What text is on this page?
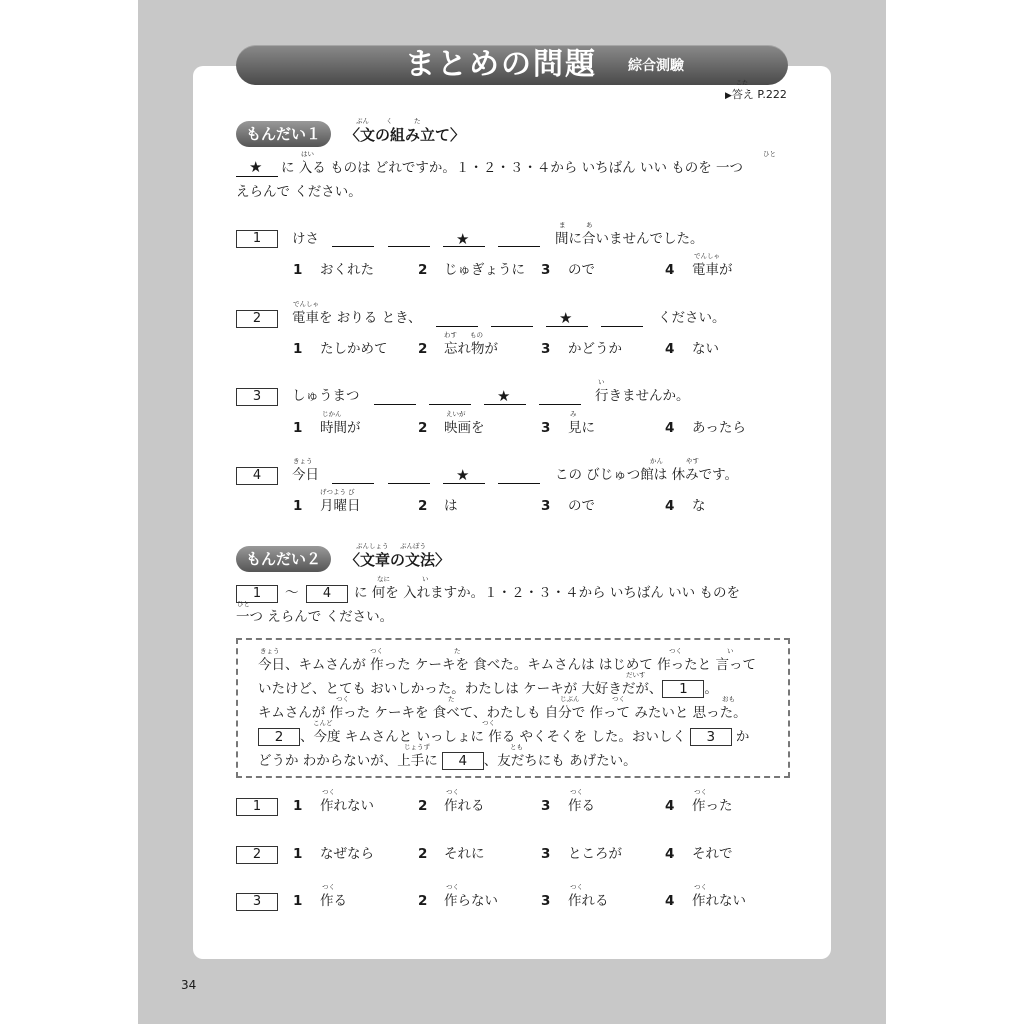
まとめの問題 綜合測驗
▶答え P.222
こた
もんだい１	〈文の組み立て〉
ぶん	く	た
★ に 入る ものは どれですか。１・２・３・４から いちばん いい ものを 一つ
はい	ひと
えらんで ください。
1	けさ	★	間に合いませんでした。
ま	あ
1 おくれた	2 じゅぎょうに 3 ので	4 電車が
でんしゃ
2	電車を おりる とき、
でんしゃ
★	ください。
1 たしかめて 2 忘れ物が
わす　　もの
3 かどうか	4 ない
3	しゅうまつ	★	行きませんか。
い
1 時間が
じかん
2 映画を
えいが
3 見に
み
4 あったら
4	今日
きょう
★	この びじゅつ館は 休みです。
かん	やす
1 月曜日
げつよう び
2 は	3 ので	4 な
もんだい２	〈文章の文法〉
ぶんしょう ぶんぽう
1	～	4	に 何を 入れますか。１・２・３・４から いちばん いい ものを
なに	い
一つ えらんで ください。
ひと
今日、キムさんが 作った ケーキを 食べた。キムさんは はじめて 作ったと 言って
きょう	つく	た	つく	い
いたけど、とても おいしかった。わたしは ケーキが 大好きだが、 1 。
だいす
キムさんが 作った ケーキを 食べて、わたしも 自分で 作って みたいと 思った。
つく	た	じぶん	つく	おも
2 、今度 キムさんと いっしょに 作る やくそくを した。おいしく 3 か
こんど	つく
どうか わからないが、上手に 4 、友だちにも あげたい。
じょうず	とも
1	1 作れない
つく
2 作れる
つく
3 作る
つく
4 作った
つく
2	1 なぜなら	2 それに	3 ところが	4 それで
3	1 作る
つく
2 作らない
つく
3 作れる
つく
4 作れない
つく
34
